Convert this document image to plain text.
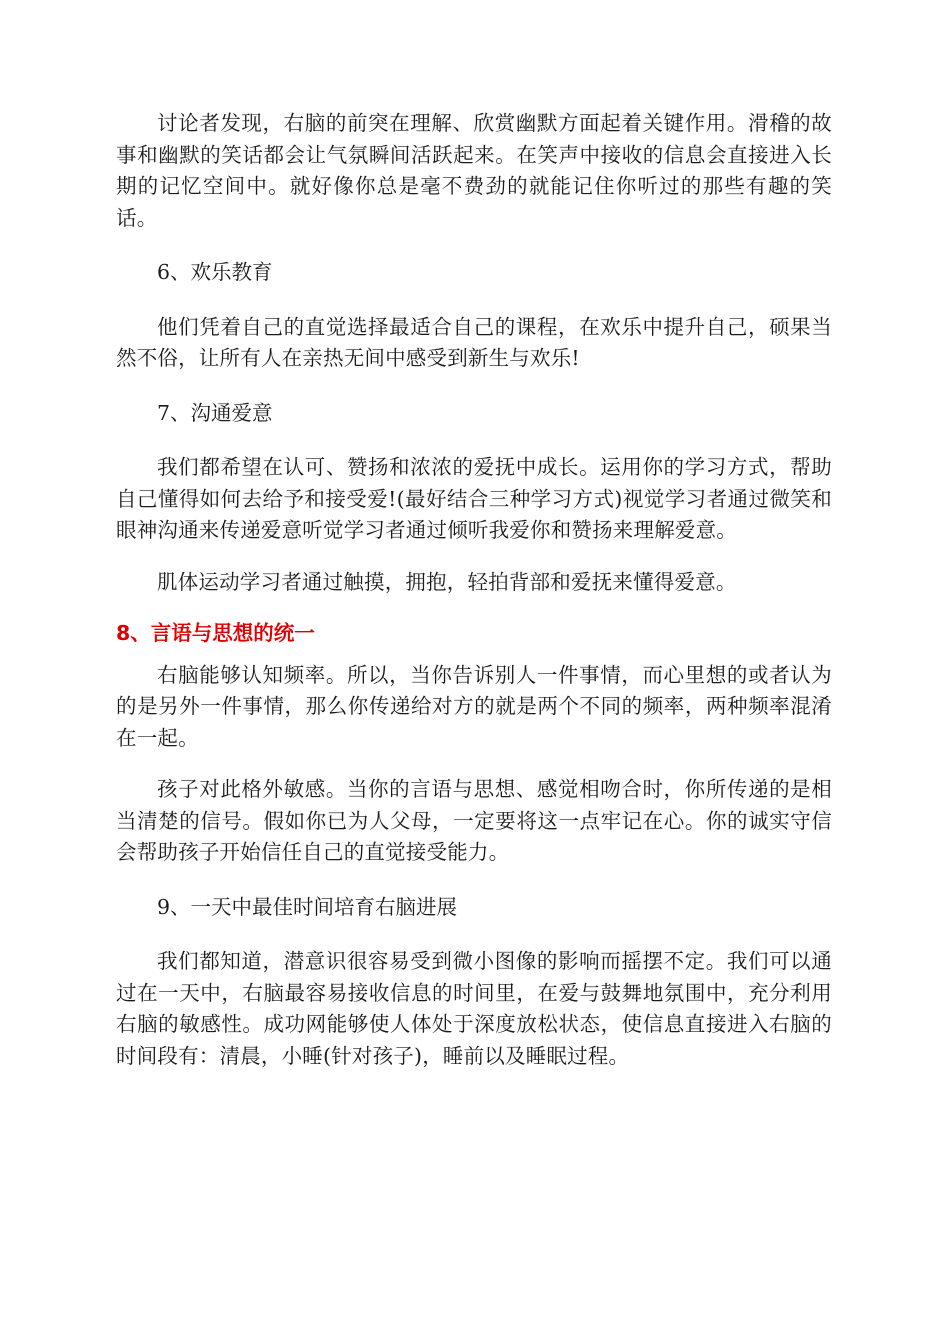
讨论者发现，右脑的前突在理解、欣赏幽默方面起着关键作用。滑稽的故事和幽默的笑话都会让气氛瞬间活跃起来。在笑声中接收的信息会直接进入长期的记忆空间中。就好像你总是毫不费劲的就能记住你听过的那些有趣的笑话。

6、欢乐教育

他们凭着自己的直觉选择最适合自己的课程，在欢乐中提升自己，硕果当然不俗，让所有人在亲热无间中感受到新生与欢乐!

7、沟通爱意

我们都希望在认可、赞扬和浓浓的爱抚中成长。运用你的学习方式，帮助自己懂得如何去给予和接受爱!(最好结合三种学习方式)视觉学习者通过微笑和眼神沟通来传递爱意听觉学习者通过倾听我爱你和赞扬来理解爱意。

肌体运动学习者通过触摸，拥抱，轻拍背部和爱抚来懂得爱意。

8、言语与思想的统一

右脑能够认知频率。所以，当你告诉别人一件事情，而心里想的或者认为的是另外一件事情，那么你传递给对方的就是两个不同的频率，两种频率混淆在一起。

孩子对此格外敏感。当你的言语与思想、感觉相吻合时，你所传递的是相当清楚的信号。假如你已为人父母，一定要将这一点牢记在心。你的诚实守信会帮助孩子开始信任自己的直觉接受能力。

9、一天中最佳时间培育右脑进展

我们都知道，潜意识很容易受到微小图像的影响而摇摆不定。我们可以通过在一天中，右脑最容易接收信息的时间里，在爱与鼓舞地氛围中，充分利用右脑的敏感性。成功网能够使人体处于深度放松状态，使信息直接进入右脑的时间段有：清晨，小睡(针对孩子)，睡前以及睡眠过程。
